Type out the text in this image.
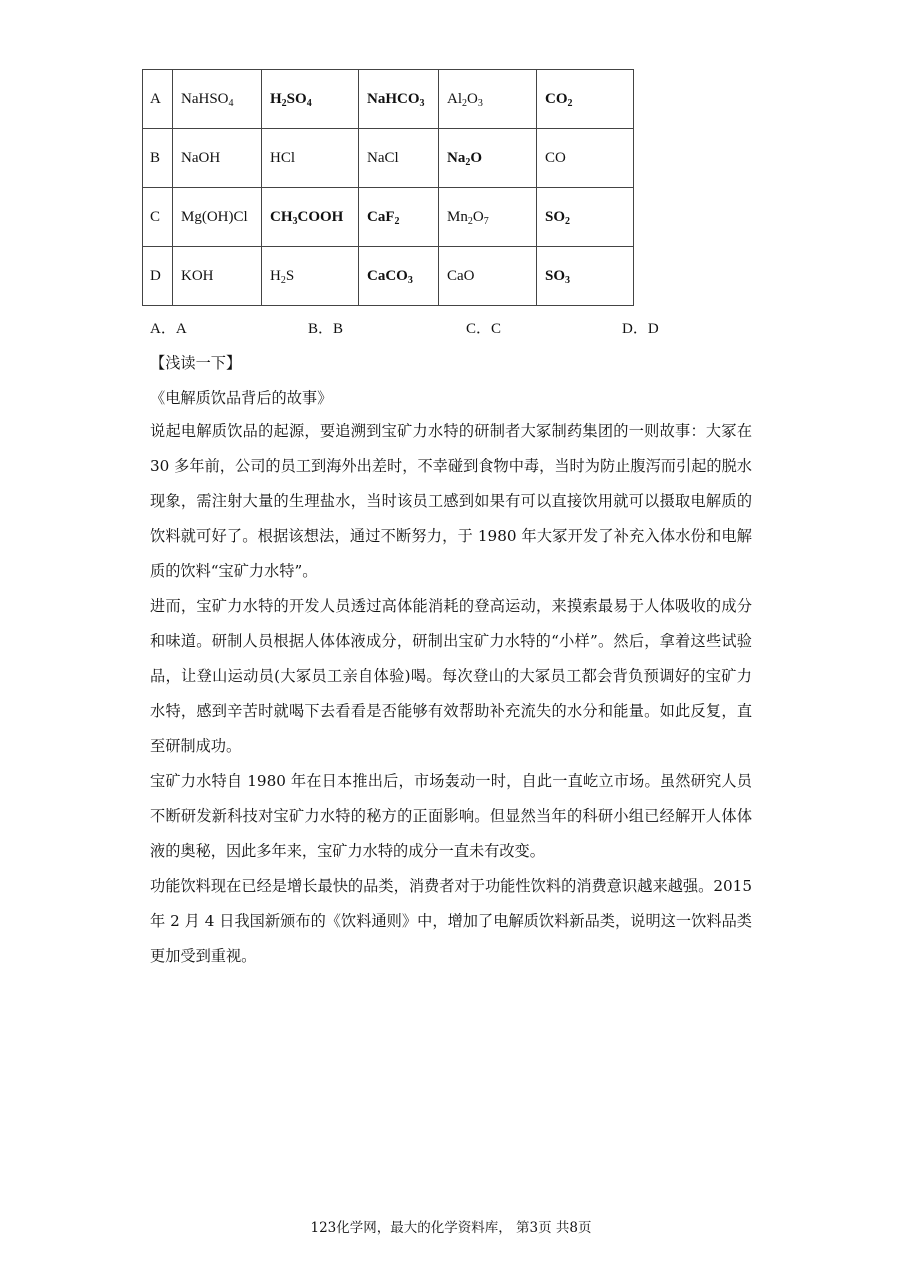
A	NaHSO$_4$	$H_2SO_4$	NaHCO$_3$	$Al_2O_3$	$CO_2$
B	NaOH	HCl	NaCl	$Na_2O$	CO
C	Mg(OH)Cl	$CH_3COOH$	CaF$_2$	$Mn_2O_7$	$SO_2$
D	KOH	$H_2S$	CaCO$_3$	CaO	$SO_3$
A．A	B．B	C．C	D．D
【浅读一下】
《电解质饮品背后的故事》

说起电解质饮品的起源，要追溯到宝矿力水特的研制者大冢制药集团的一则故事：大冢在 30 多年前，公司的员工到海外出差时，不幸碰到食物中毒，当时为防止腹泻而引起的脱水现象，需注射大量的生理盐水，当时该员工感到如果有可以直接饮用就可以摄取电解质的饮料就可好了。根据该想法，通过不断努力，于 1980 年大冢开发了补充入体水份和电解质的饮料“宝矿力水特”。

进而，宝矿力水特的开发人员透过高体能消耗的登高运动，来摸索最易于人体吸收的成分和味道。研制人员根据人体体液成分，研制出宝矿力水特的“小样”。然后，拿着这些试验品，让登山运动员(大冢员工亲自体验)喝。每次登山的大冢员工都会背负预调好的宝矿力水特，感到辛苦时就喝下去看看是否能够有效帮助补充流失的水分和能量。如此反复，直至研制成功。

宝矿力水特自 1980 年在日本推出后，市场轰动一时，自此一直屹立市场。虽然研究人员不断研发新科技对宝矿力水特的秘方的正面影响。但显然当年的科研小组已经解开人体体液的奥秘，因此多年来，宝矿力水特的成分一直未有改变。

功能饮料现在已经是增长最快的品类，消费者对于功能性饮料的消费意识越来越强。2015 年 2 月 4 日我国新颁布的《饮料通则》中，增加了电解质饮料新品类，说明这一饮料品类更加受到重视。

123化学网，最大的化学资料库， 第3页 共8页
